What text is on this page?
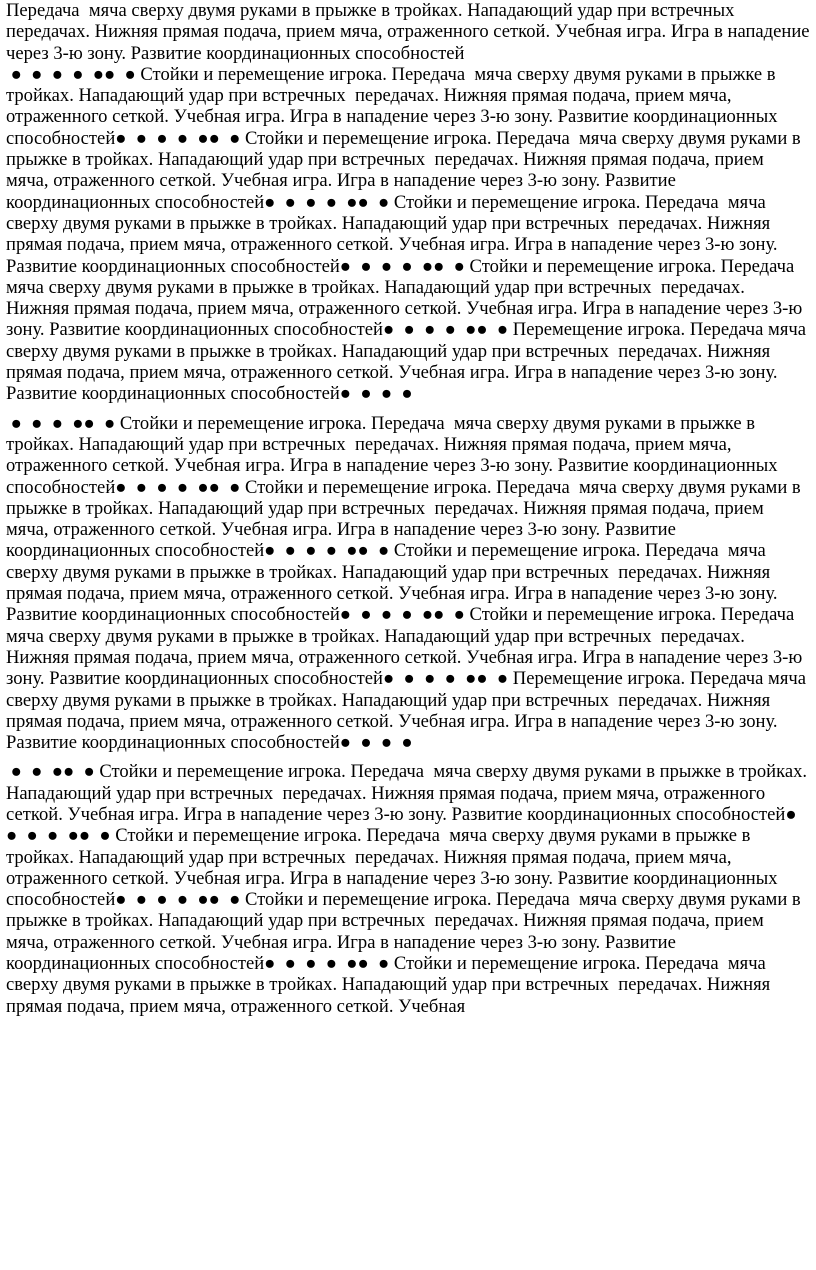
Передача  мяча сверху двумя руками в прыжке в тройках. Нападающий удар при встречных  передачах. Нижняя прямая подача, прием мяча, отраженного сеткой. Учебная игра. Игра в нападение через 3-ю зону. Развитие координационных способностей
●  ●  ●  ●  ●●  ● Стойки и перемещение игрока. Передача  мяча сверху двумя руками в прыжке в тройках. Нападающий удар при встречных  передачах. Нижняя прямая подача, прием мяча, отраженного сеткой. Учебная игра. Игра в нападение через 3-ю зону. Развитие координационных способностей●  ●  ●  ●  ●●  ● Стойки и перемещение игрока. Передача  мяча сверху двумя руками в прыжке в тройках. Нападающий удар при встречных  передачах. Нижняя прямая подача, прием мяча, отраженного сеткой. Учебная игра. Игра в нападение через 3-ю зону. Развитие координационных способностей●  ●  ●  ●  ●●  ● Стойки и перемещение игрока. Передача  мяча сверху двумя руками в прыжке в тройках. Нападающий удар при встречных  передачах. Нижняя прямая подача, прием мяча, отраженного сеткой. Учебная игра. Игра в нападение через 3-ю зону. Развитие координационных способностей●  ●  ●  ●  ●●  ● Стойки и перемещение игрока. Передача  мяча сверху двумя руками в прыжке в тройках. Нападающий удар при встречных  передачах. Нижняя прямая подача, прием мяча, отраженного сеткой. Учебная игра. Игра в нападение через 3-ю зону. Развитие координационных способностей●  ●  ●  ●  ●●  ● Перемещение игрока. Передача мяча сверху двумя руками в прыжке в тройках. Нападающий удар при встречных  передачах. Нижняя прямая подача, прием мяча, отраженного сеткой. Учебная игра. Игра в нападение через 3-ю зону. Развитие координационных способностей●  ●  ●  ●

●  ●  ●  ●●  ● Стойки и перемещение игрока. Передача  мяча сверху двумя руками в прыжке в тройках. Нападающий удар при встречных  передачах. Нижняя прямая подача, прием мяча, отраженного сеткой. Учебная игра. Игра в нападение через 3-ю зону. Развитие координационных способностей●  ●  ●  ●  ●●  ● Стойки и перемещение игрока. Передача  мяча сверху двумя руками в прыжке в тройках. Нападающий удар при встречных  передачах. Нижняя прямая подача, прием мяча, отраженного сеткой. Учебная игра. Игра в нападение через 3-ю зону. Развитие координационных способностей●  ●  ●  ●  ●●  ● Стойки и перемещение игрока. Передача  мяча сверху двумя руками в прыжке в тройках. Нападающий удар при встречных  передачах. Нижняя прямая подача, прием мяча, отраженного сеткой. Учебная игра. Игра в нападение через 3-ю зону. Развитие координационных способностей●  ●  ●  ●  ●●  ● Стойки и перемещение игрока. Передача  мяча сверху двумя руками в прыжке в тройках. Нападающий удар при встречных  передачах. Нижняя прямая подача, прием мяча, отраженного сеткой. Учебная игра. Игра в нападение через 3-ю зону. Развитие координационных способностей●  ●  ●  ●  ●●  ● Перемещение игрока. Передача мяча сверху двумя руками в прыжке в тройках. Нападающий удар при встречных  передачах. Нижняя прямая подача, прием мяча, отраженного сеткой. Учебная игра. Игра в нападение через 3-ю зону. Развитие координационных способностей●  ●  ●  ●

●  ●  ●●  ● Стойки и перемещение игрока. Передача  мяча сверху двумя руками в прыжке в тройках. Нападающий удар при встречных  передачах. Нижняя прямая подача, прием мяча, отраженного сеткой. Учебная игра. Игра в нападение через 3-ю зону. Развитие координационных способностей●  ●  ●  ●  ●●  ● Стойки и перемещение игрока. Передача  мяча сверху двумя руками в прыжке в тройках. Нападающий удар при встречных  передачах. Нижняя прямая подача, прием мяча, отраженного сеткой. Учебная игра. Игра в нападение через 3-ю зону. Развитие координационных способностей●  ●  ●  ●  ●●  ● Стойки и перемещение игрока. Передача  мяча сверху двумя руками в прыжке в тройках. Нападающий удар при встречных  передачах. Нижняя прямая подача, прием мяча, отраженного сеткой. Учебная игра. Игра в нападение через 3-ю зону. Развитие координационных способностей●  ●  ●  ●  ●●  ● Стойки и перемещение игрока. Передача  мяча сверху двумя руками в прыжке в тройках. Нападающий удар при встречных  передачах. Нижняя прямая подача, прием мяча, отраженного сеткой. Учебная
